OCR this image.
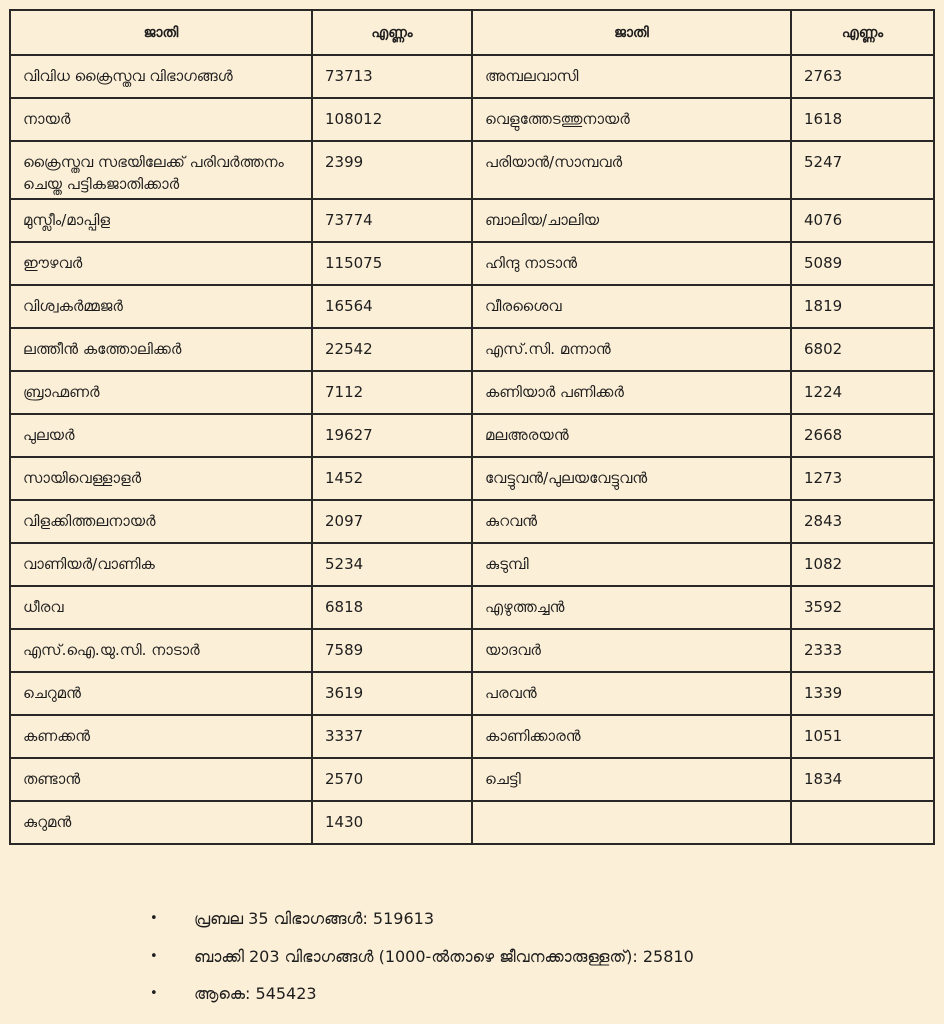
ജാതി	എണ്ണം	ജാതി	എണ്ണം
വിവിധ ക്രൈസ്തവ വിഭാഗങ്ങൾ	73713	അമ്പലവാസി	2763
നായർ	108012	വെളുത്തേടത്തുനായർ	1618
ക്രൈസ്തവ സഭയിലേക്ക് പരിവർത്തനം ചെയ്ത പട്ടികജാതിക്കാർ	2399	പരിയാൻ/സാമ്പവർ	5247
മുസ്ലീം/മാപ്പിള	73774	ബാലിയ/ചാലിയ	4076
ഈഴവർ	115075	ഹിന്ദു നാടാൻ	5089
വിശ്വകർമ്മജർ	16564	വീരശൈവ	1819
ലത്തീൻ കത്തോലിക്കർ	22542	എസ്.സി. മന്നാൻ	6802
ബ്രാഹ്മണർ	7112	കണിയാർ പണിക്കർ	1224
പുലയർ	19627	മലഅരയൻ	2668
സായിവെള്ളാളർ	1452	വേട്ടുവൻ/പുലയവേട്ടുവൻ	1273
വിളക്കിത്തലനായർ	2097	കുറവൻ	2843
വാണിയർ/വാണിക	5234	കുടുമ്പി	1082
ധീരവ	6818	എഴുത്തച്ചൻ	3592
എസ്.ഐ.യു.സി. നാടാർ	7589	യാദവർ	2333
ചെറുമൻ	3619	പരവൻ	1339
കണക്കൻ	3337	കാണിക്കാരൻ	1051
തണ്ടാൻ	2570	ചെട്ടി	1834
കുറുമൻ	1430		
•	പ്രബല 35 വിഭാഗങ്ങൾ: 519613
•	ബാക്കി 203 വിഭാഗങ്ങൾ (1000-ൽതാഴെ ജീവനക്കാരുള്ളത്): 25810
•	ആകെ: 545423
